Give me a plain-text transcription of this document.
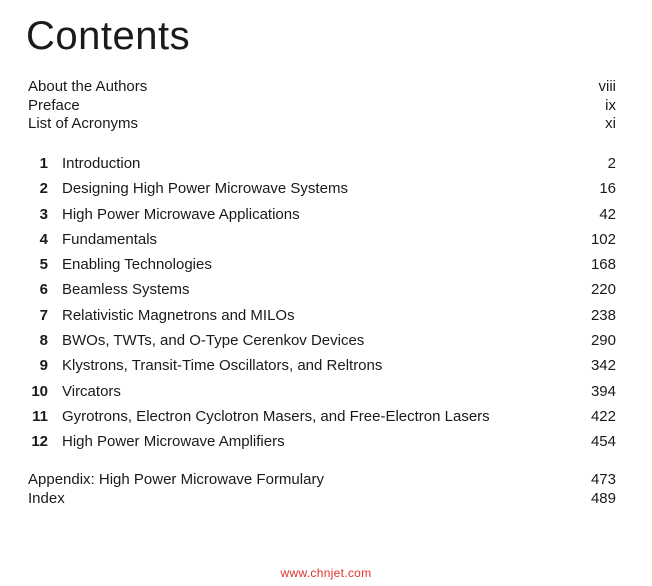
Contents
About the Authors	viii
Preface	ix
List of Acronyms	xi
1 Introduction	2
2 Designing High Power Microwave Systems	16
3 High Power Microwave Applications	42
4 Fundamentals	102
5 Enabling Technologies	168
6 Beamless Systems	220
7 Relativistic Magnetrons and MILOs	238
8 BWOs, TWTs, and O-Type Cerenkov Devices	290
9 Klystrons, Transit-Time Oscillators, and Reltrons	342
10 Vircators	394
11 Gyrotrons, Electron Cyclotron Masers, and Free-Electron Lasers	422
12 High Power Microwave Amplifiers	454
Appendix: High Power Microwave Formulary	473
Index	489
www.chnjet.com
